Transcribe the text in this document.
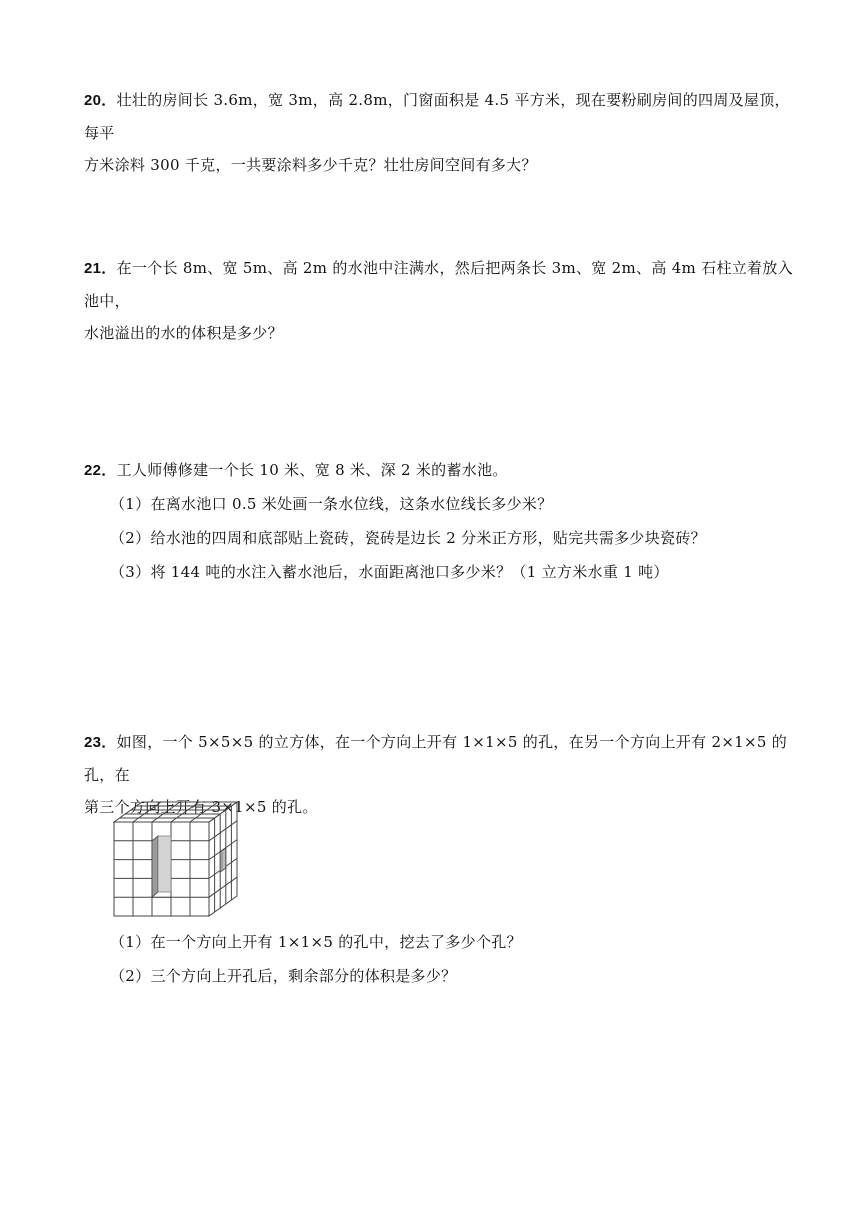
20．壮壮的房间长 3.6m，宽 3m，高 2.8m，门窗面积是 4.5 平方米，现在要粉刷房间的四周及屋顶，每平
方米涂料 300 千克，一共要涂料多少千克？壮壮房间空间有多大？
21．在一个长 8m、宽 5m、高 2m 的水池中注满水，然后把两条长 3m、宽 2m、高 4m 石柱立着放入池中，
水池溢出的水的体积是多少？
22．工人师傅修建一个长 10 米、宽 8 米、深 2 米的蓄水池。
（1）在离水池口 0.5 米处画一条水位线，这条水位线长多少米？
（2）给水池的四周和底部贴上瓷砖，瓷砖是边长 2 分米正方形，贴完共需多少块瓷砖？
（3）将 144 吨的水注入蓄水池后，水面距离池口多少米？（1 立方米水重 1 吨）
23．如图，一个 5×5×5 的立方体，在一个方向上开有 1×1×5 的孔，在另一个方向上开有 2×1×5 的孔，在
第三个方向上开有 3×1×5 的孔。
（1）在一个方向上开有 1×1×5 的孔中，挖去了多少个孔？
（2）三个方向上开孔后，剩余部分的体积是多少？
